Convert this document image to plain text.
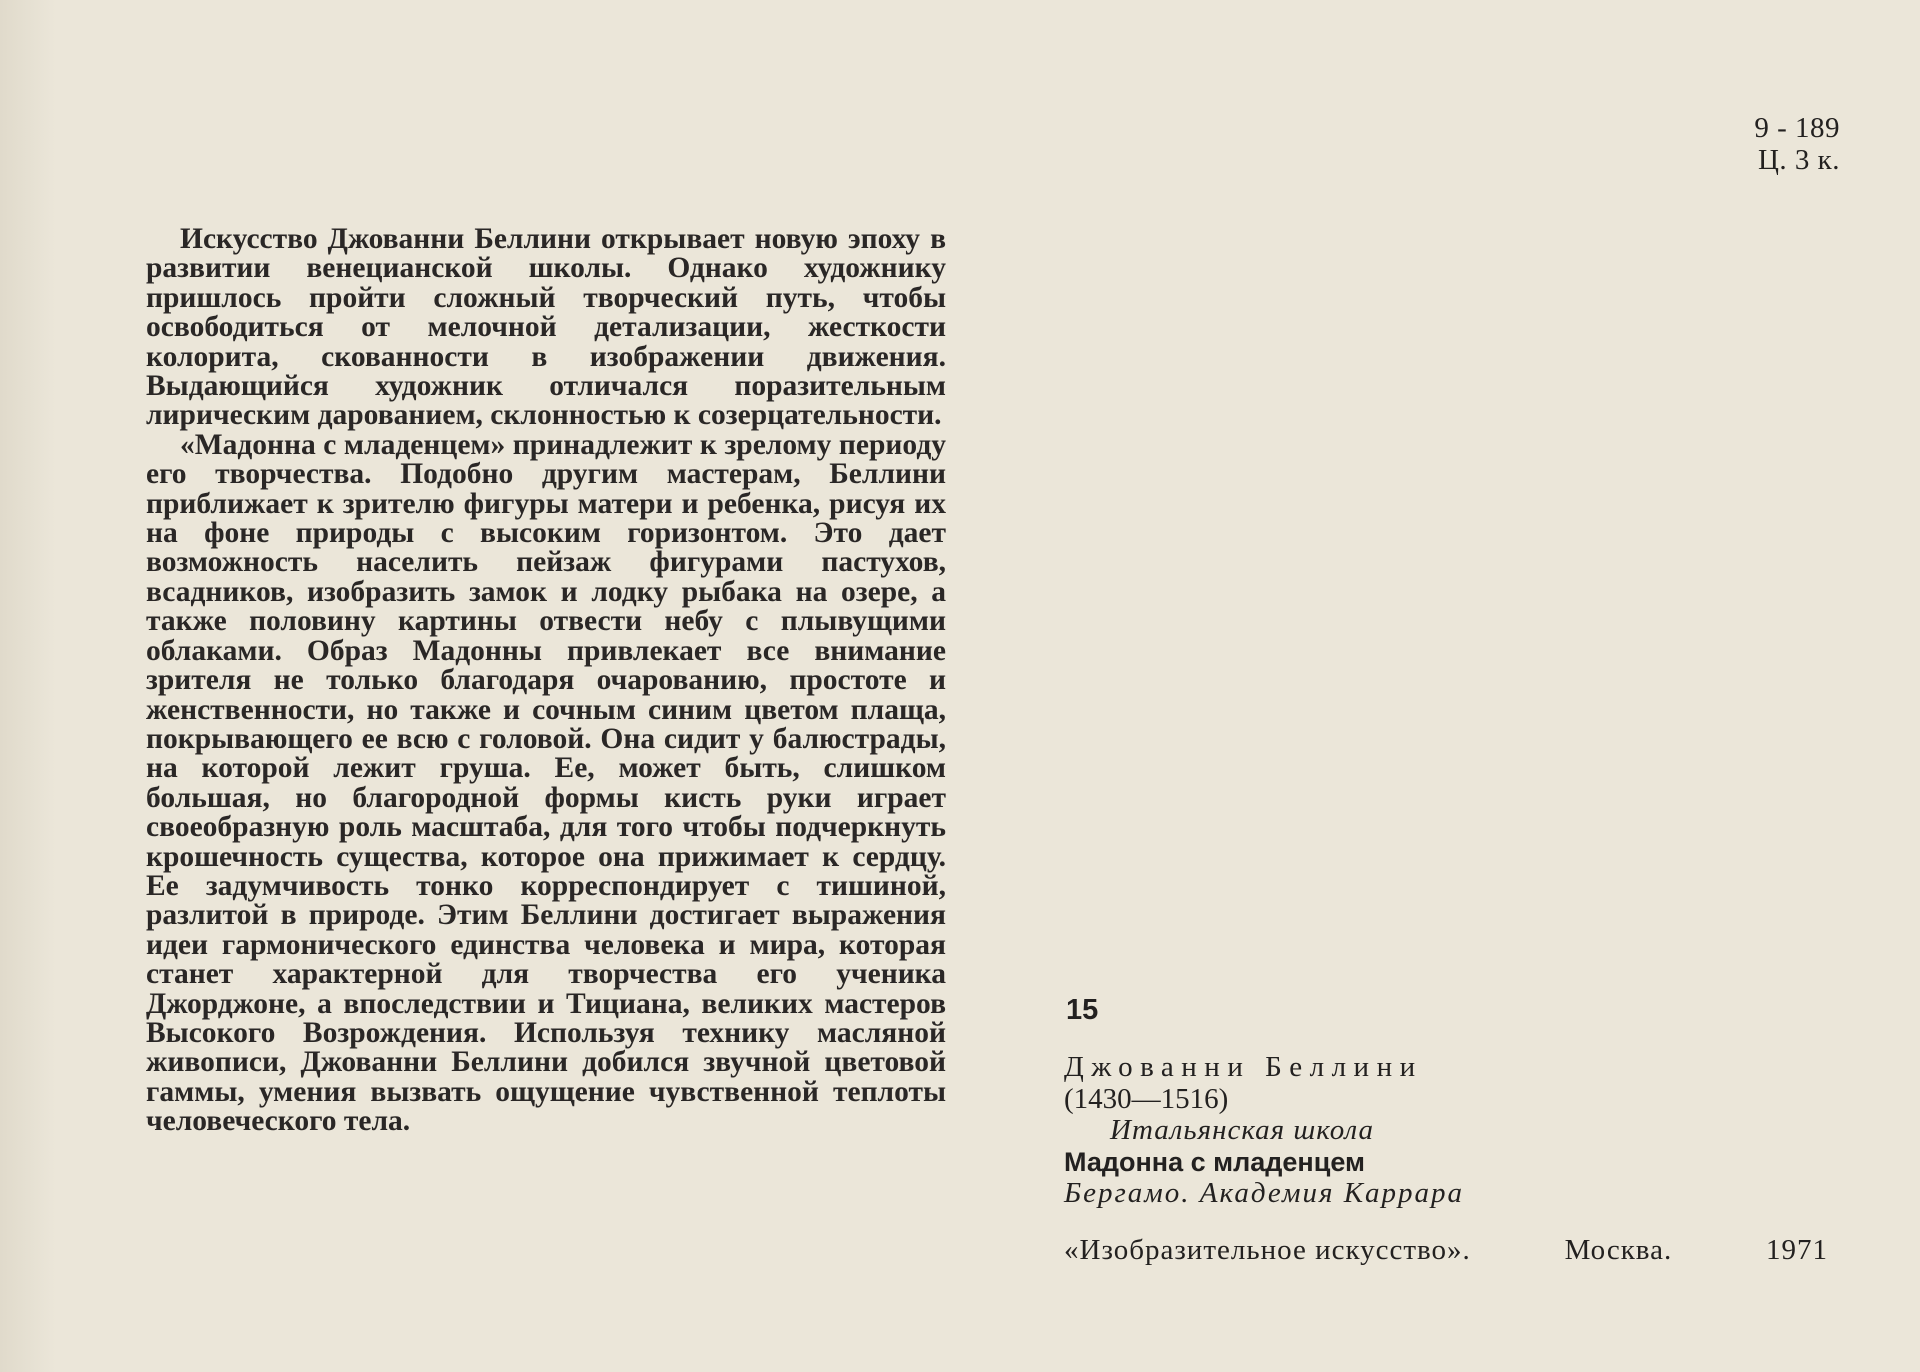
9 - 189
Ц. 3 к.

Искусство Джованни Беллини открывает новую эпоху в развитии венецианской школы. Однако художнику пришлось пройти сложный творческий путь, чтобы освободиться от мелочной детализации, жесткости колорита, скованности в изображении движения. Выдающийся художник отличался поразительным лирическим дарованием, склонностью к созерцательности.

«Мадонна с младенцем» принадлежит к зрелому периоду его творчества. Подобно другим мастерам, Беллини приближает к зрителю фигуры матери и ребенка, рисуя их на фоне природы с высоким горизонтом. Это дает возможность населить пейзаж фигурами пастухов, всадников, изобразить замок и лодку рыбака на озере, а также половину картины отвести небу с плывущими облаками. Образ Мадонны привлекает все внимание зрителя не только благодаря очарованию, простоте и женственности, но также и сочным синим цветом плаща, покрывающего ее всю с головой. Она сидит у балюстрады, на которой лежит груша. Ее, может быть, слишком большая, но благородной формы кисть руки играет своеобразную роль масштаба, для того чтобы подчеркнуть крошечность существа, которое она прижимает к сердцу. Ее задумчивость тонко корреспондирует с тишиной, разлитой в природе. Этим Беллини достигает выражения идеи гармонического единства человека и мира, которая станет характерной для творчества его ученика Джорджоне, а впоследствии и Тициана, великих мастеров Высокого Возрождения. Используя технику масляной живописи, Джованни Беллини добился звучной цветовой гаммы, умения вызвать ощущение чувственной теплоты человеческого тела.

15
Джованни Беллини
(1430—1516)
Итальянская школа
Мадонна с младенцем
Бергамо. Академия Каррара
«Изобразительное искусство».	Москва.	1971
